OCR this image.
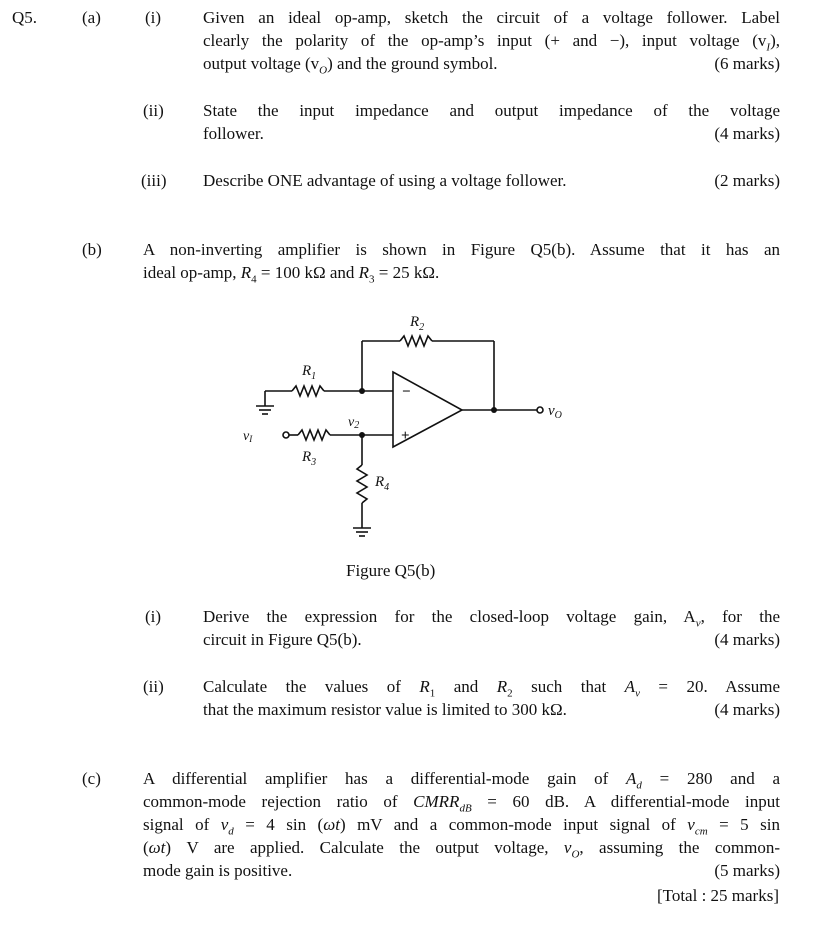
Q5.	(a)	(i) Given an ideal op-amp, sketch the circuit of a voltage follower. Label
clearly the polarity of the op-amp’s input (+ and −), input voltage $(v_I)$,
output voltage $(v_O)$ and the ground symbol.	(6 marks)
(ii) State the input impedance and output impedance of the voltage
follower.	(4 marks)
(iii) Describe ONE advantage of using a voltage follower.	(2 marks)
(b) A non-inverting amplifier is shown in Figure Q5(b). Assume that it has an
ideal op-amp, $R_4 = 100$ kΩ and $R_3 = 25$ kΩ.
$R_2$
$R_1$
$R_3$
$R_4$
v2
vI
$v_O$
−
+
Figure Q5(b)
(i) Derive the expression for the closed-loop voltage gain, $A_v$, for the
circuit in Figure Q5(b).	(4 marks)
(ii) Calculate the values of $R_1$ and $R_2$ such that $A_v = 20$. Assume
that the maximum resistor value is limited to 300 kΩ.	(4 marks)
(c) A differential amplifier has a differential-mode gain of $A_d = 280$ and a
common-mode rejection ratio of $CMRR_{dB} = 60$ dB. A differential-mode input
signal of $v_d = 4$ sin (ωt) mV and a common-mode input signal of $v_{cm} = 5$ sin
(ωt) V are applied. Calculate the output voltage, $v_O$, assuming the common-
mode gain is positive.	(5 marks)
[Total : 25 marks]
